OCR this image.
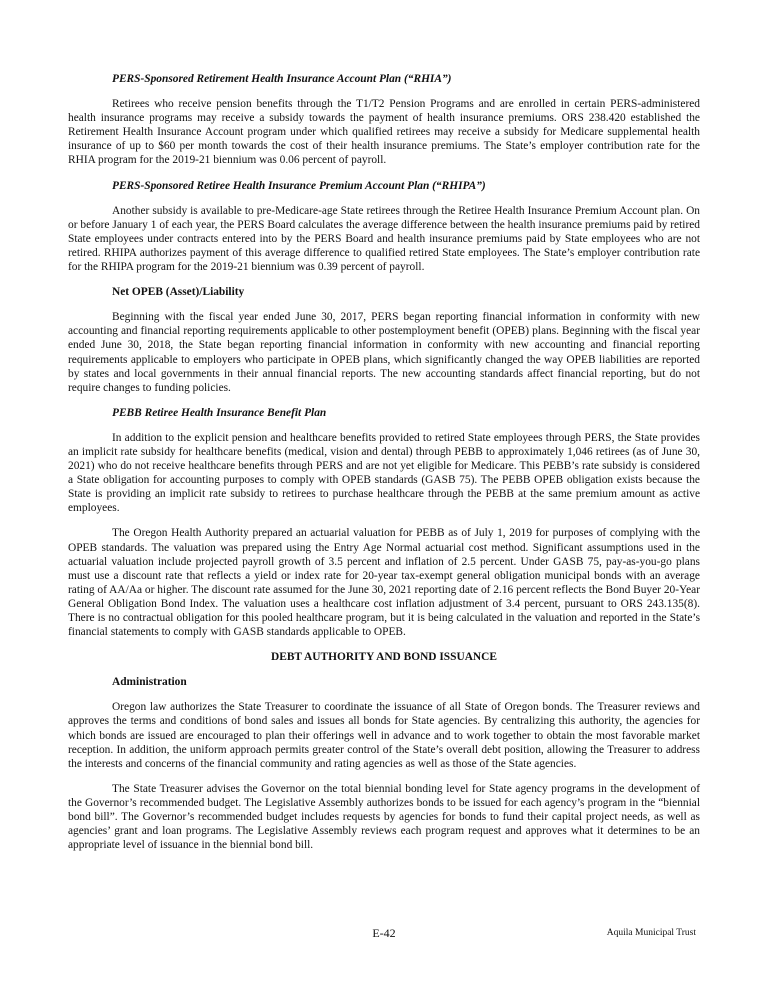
PERS-Sponsored Retirement Health Insurance Account Plan (“RHIA”)

Retirees who receive pension benefits through the T1/T2 Pension Programs and are enrolled in certain PERS-administered health insurance programs may receive a subsidy towards the payment of health insurance premiums. ORS 238.420 established the Retirement Health Insurance Account program under which qualified retirees may receive a subsidy for Medicare supplemental health insurance of up to $60 per month towards the cost of their health insurance premiums. The State’s employer contribution rate for the RHIA program for the 2019-21 biennium was 0.06 percent of payroll.

PERS-Sponsored Retiree Health Insurance Premium Account Plan (“RHIPA”)

Another subsidy is available to pre-Medicare-age State retirees through the Retiree Health Insurance Premium Account plan. On or before January 1 of each year, the PERS Board calculates the average difference between the health insurance premiums paid by retired State employees under contracts entered into by the PERS Board and health insurance premiums paid by State employees who are not retired. RHIPA authorizes payment of this average difference to qualified retired State employees. The State’s employer contribution rate for the RHIPA program for the 2019-21 biennium was 0.39 percent of payroll.

Net OPEB (Asset)/Liability

Beginning with the fiscal year ended June 30, 2017, PERS began reporting financial information in conformity with new accounting and financial reporting requirements applicable to other postemployment benefit (OPEB) plans. Beginning with the fiscal year ended June 30, 2018, the State began reporting financial information in conformity with new accounting and financial reporting requirements applicable to employers who participate in OPEB plans, which significantly changed the way OPEB liabilities are reported by states and local governments in their annual financial reports. The new accounting standards affect financial reporting, but do not require changes to funding policies.

PEBB Retiree Health Insurance Benefit Plan

In addition to the explicit pension and healthcare benefits provided to retired State employees through PERS, the State provides an implicit rate subsidy for healthcare benefits (medical, vision and dental) through PEBB to approximately 1,046 retirees (as of June 30, 2021) who do not receive healthcare benefits through PERS and are not yet eligible for Medicare. This PEBB’s rate subsidy is considered a State obligation for accounting purposes to comply with OPEB standards (GASB 75). The PEBB OPEB obligation exists because the State is providing an implicit rate subsidy to retirees to purchase healthcare through the PEBB at the same premium amount as active employees.

The Oregon Health Authority prepared an actuarial valuation for PEBB as of July 1, 2019 for purposes of complying with the OPEB standards. The valuation was prepared using the Entry Age Normal actuarial cost method. Significant assumptions used in the actuarial valuation include projected payroll growth of 3.5 percent and inflation of 2.5 percent. Under GASB 75, pay-as-you-go plans must use a discount rate that reflects a yield or index rate for 20-year tax-exempt general obligation municipal bonds with an average rating of AA/Aa or higher. The discount rate assumed for the June 30, 2021 reporting date of 2.16 percent reflects the Bond Buyer 20-Year General Obligation Bond Index. The valuation uses a healthcare cost inflation adjustment of 3.4 percent, pursuant to ORS 243.135(8). There is no contractual obligation for this pooled healthcare program, but it is being calculated in the valuation and reported in the State’s financial statements to comply with GASB standards applicable to OPEB.

DEBT AUTHORITY AND BOND ISSUANCE
Administration

Oregon law authorizes the State Treasurer to coordinate the issuance of all State of Oregon bonds. The Treasurer reviews and approves the terms and conditions of bond sales and issues all bonds for State agencies. By centralizing this authority, the agencies for which bonds are issued are encouraged to plan their offerings well in advance and to work together to obtain the most favorable market reception. In addition, the uniform approach permits greater control of the State’s overall debt position, allowing the Treasurer to address the interests and concerns of the financial community and rating agencies as well as those of the State agencies.

The State Treasurer advises the Governor on the total biennial bonding level for State agency programs in the development of the Governor’s recommended budget. The Legislative Assembly authorizes bonds to be issued for each agency’s program in the “biennial bond bill”. The Governor’s recommended budget includes requests by agencies for bonds to fund their capital project needs, as well as agencies’ grant and loan programs. The Legislative Assembly reviews each program request and approves what it determines to be an appropriate level of issuance in the biennial bond bill.

E-42	Aquila Municipal Trust
